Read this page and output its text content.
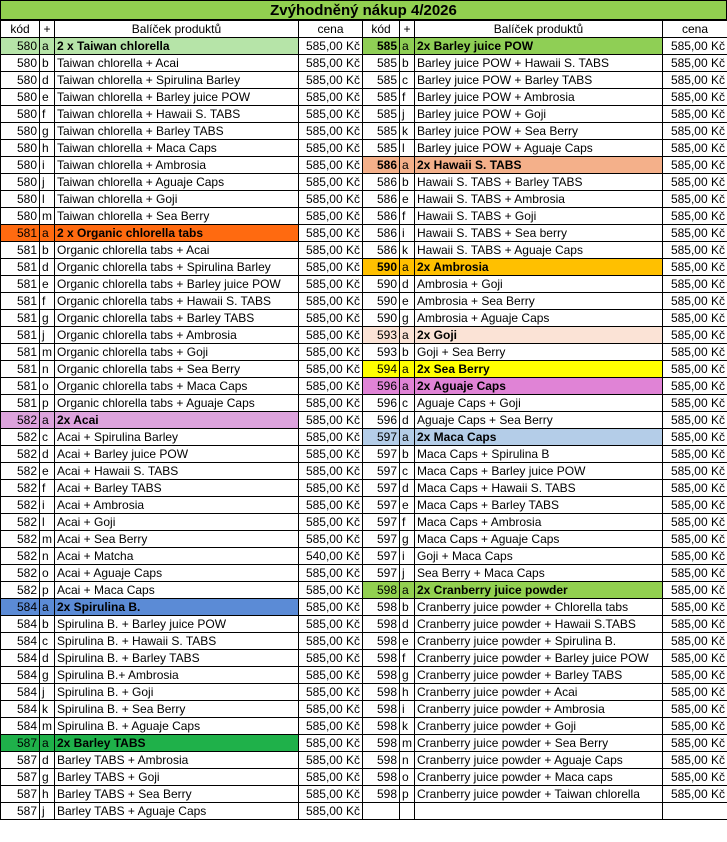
Zvýhodněný nákup 4/2026
kód	+	Balíček produktů	cena	kód	+	Balíček produktů	cena
580	a	2 x Taiwan chlorella	585,00 Kč	585	a	2x Barley juice POW	585,00 Kč
580	b	Taiwan chlorella + Acai	585,00 Kč	585	b	Barley juice POW + Hawaii S. TABS	585,00 Kč
580	d	Taiwan chlorella + Spirulina Barley	585,00 Kč	585	c	Barley juice POW + Barley TABS	585,00 Kč
580	e	Taiwan chlorella + Barley juice POW	585,00 Kč	585	f	Barley juice POW + Ambrosia	585,00 Kč
580	f	Taiwan chlorella + Hawaii S. TABS	585,00 Kč	585	j	Barley juice POW + Goji	585,00 Kč
580	g	Taiwan chlorella + Barley TABS	585,00 Kč	585	k	Barley juice POW + Sea Berry	585,00 Kč
580	h	Taiwan chlorella + Maca Caps	585,00 Kč	585	l	Barley juice POW + Aguaje Caps	585,00 Kč
580	i	Taiwan chlorella + Ambrosia	585,00 Kč	586	a	2x Hawaii S. TABS	585,00 Kč
580	j	Taiwan chlorella + Aguaje Caps	585,00 Kč	586	b	Hawaii S. TABS + Barley TABS	585,00 Kč
580	l	Taiwan chlorella + Goji	585,00 Kč	586	e	Hawaii S. TABS + Ambrosia	585,00 Kč
580	m	Taiwan chlorella + Sea Berry	585,00 Kč	586	f	Hawaii S. TABS + Goji	585,00 Kč
581	a	2 x Organic chlorella tabs	585,00 Kč	586	i	Hawaii S. TABS + Sea berry	585,00 Kč
581	b	Organic chlorella tabs + Acai	585,00 Kč	586	k	Hawaii S. TABS + Aguaje Caps	585,00 Kč
581	d	Organic chlorella tabs + Spirulina Barley	585,00 Kč	590	a	2x Ambrosia	585,00 Kč
581	e	Organic chlorella tabs + Barley juice POW	585,00 Kč	590	d	Ambrosia + Goji	585,00 Kč
581	f	Organic chlorella tabs + Hawaii S. TABS	585,00 Kč	590	e	Ambrosia + Sea Berry	585,00 Kč
581	g	Organic chlorella tabs + Barley TABS	585,00 Kč	590	g	Ambrosia + Aguaje Caps	585,00 Kč
581	j	Organic chlorella tabs + Ambrosia	585,00 Kč	593	a	2x Goji	585,00 Kč
581	m	Organic chlorella tabs + Goji	585,00 Kč	593	b	Goji + Sea Berry	585,00 Kč
581	n	Organic chlorella tabs + Sea Berry	585,00 Kč	594	a	2x Sea Berry	585,00 Kč
581	o	Organic chlorella tabs + Maca Caps	585,00 Kč	596	a	2x Aguaje Caps	585,00 Kč
581	p	Organic chlorella tabs + Aguaje Caps	585,00 Kč	596	c	Aguaje Caps + Goji	585,00 Kč
582	a	2x Acai	585,00 Kč	596	d	Aguaje Caps + Sea Berry	585,00 Kč
582	c	Acai + Spirulina Barley	585,00 Kč	597	a	2x Maca Caps	585,00 Kč
582	d	Acai + Barley juice POW	585,00 Kč	597	b	Maca Caps + Spirulina B	585,00 Kč
582	e	Acai + Hawaii S. TABS	585,00 Kč	597	c	Maca Caps + Barley juice POW	585,00 Kč
582	f	Acai + Barley TABS	585,00 Kč	597	d	Maca Caps + Hawaii S. TABS	585,00 Kč
582	i	Acai + Ambrosia	585,00 Kč	597	e	Maca Caps + Barley TABS	585,00 Kč
582	l	Acai + Goji	585,00 Kč	597	f	Maca Caps + Ambrosia	585,00 Kč
582	m	Acai + Sea Berry	585,00 Kč	597	g	Maca Caps + Aguaje Caps	585,00 Kč
582	n	Acai + Matcha	540,00 Kč	597	i	Goji + Maca Caps	585,00 Kč
582	o	Acai + Aguaje Caps	585,00 Kč	597	j	Sea Berry + Maca Caps	585,00 Kč
582	p	Acai + Maca Caps	585,00 Kč	598	a	2x Cranberry juice powder	585,00 Kč
584	a	2x Spirulina B.	585,00 Kč	598	b	Cranberry juice powder + Chlorella tabs	585,00 Kč
584	b	Spirulina B. + Barley juice POW	585,00 Kč	598	d	Cranberry juice powder + Hawaii S.TABS	585,00 Kč
584	c	Spirulina B. + Hawaii S. TABS	585,00 Kč	598	e	Cranberry juice powder + Spirulina B.	585,00 Kč
584	d	Spirulina B. + Barley TABS	585,00 Kč	598	f	Cranberry juice powder + Barley juice POW	585,00 Kč
584	g	Spirulina B.+ Ambrosia	585,00 Kč	598	g	Cranberry juice powder + Barley TABS	585,00 Kč
584	j	Spirulina B. + Goji	585,00 Kč	598	h	Cranberry juice powder + Acai	585,00 Kč
584	k	Spirulina B. + Sea Berry	585,00 Kč	598	i	Cranberry juice powder + Ambrosia	585,00 Kč
584	m	Spirulina B. + Aguaje Caps	585,00 Kč	598	k	Cranberry juice powder + Goji	585,00 Kč
587	a	2x Barley TABS	585,00 Kč	598	m	Cranberry juice powder + Sea Berry	585,00 Kč
587	d	Barley TABS + Ambrosia	585,00 Kč	598	n	Cranberry juice powder + Aguaje Caps	585,00 Kč
587	g	Barley TABS + Goji	585,00 Kč	598	o	Cranberry juice powder + Maca caps	585,00 Kč
587	h	Barley TABS + Sea Berry	585,00 Kč	598	p	Cranberry juice powder + Taiwan chlorella	585,00 Kč
587	j	Barley TABS + Aguaje Caps	585,00 Kč				
